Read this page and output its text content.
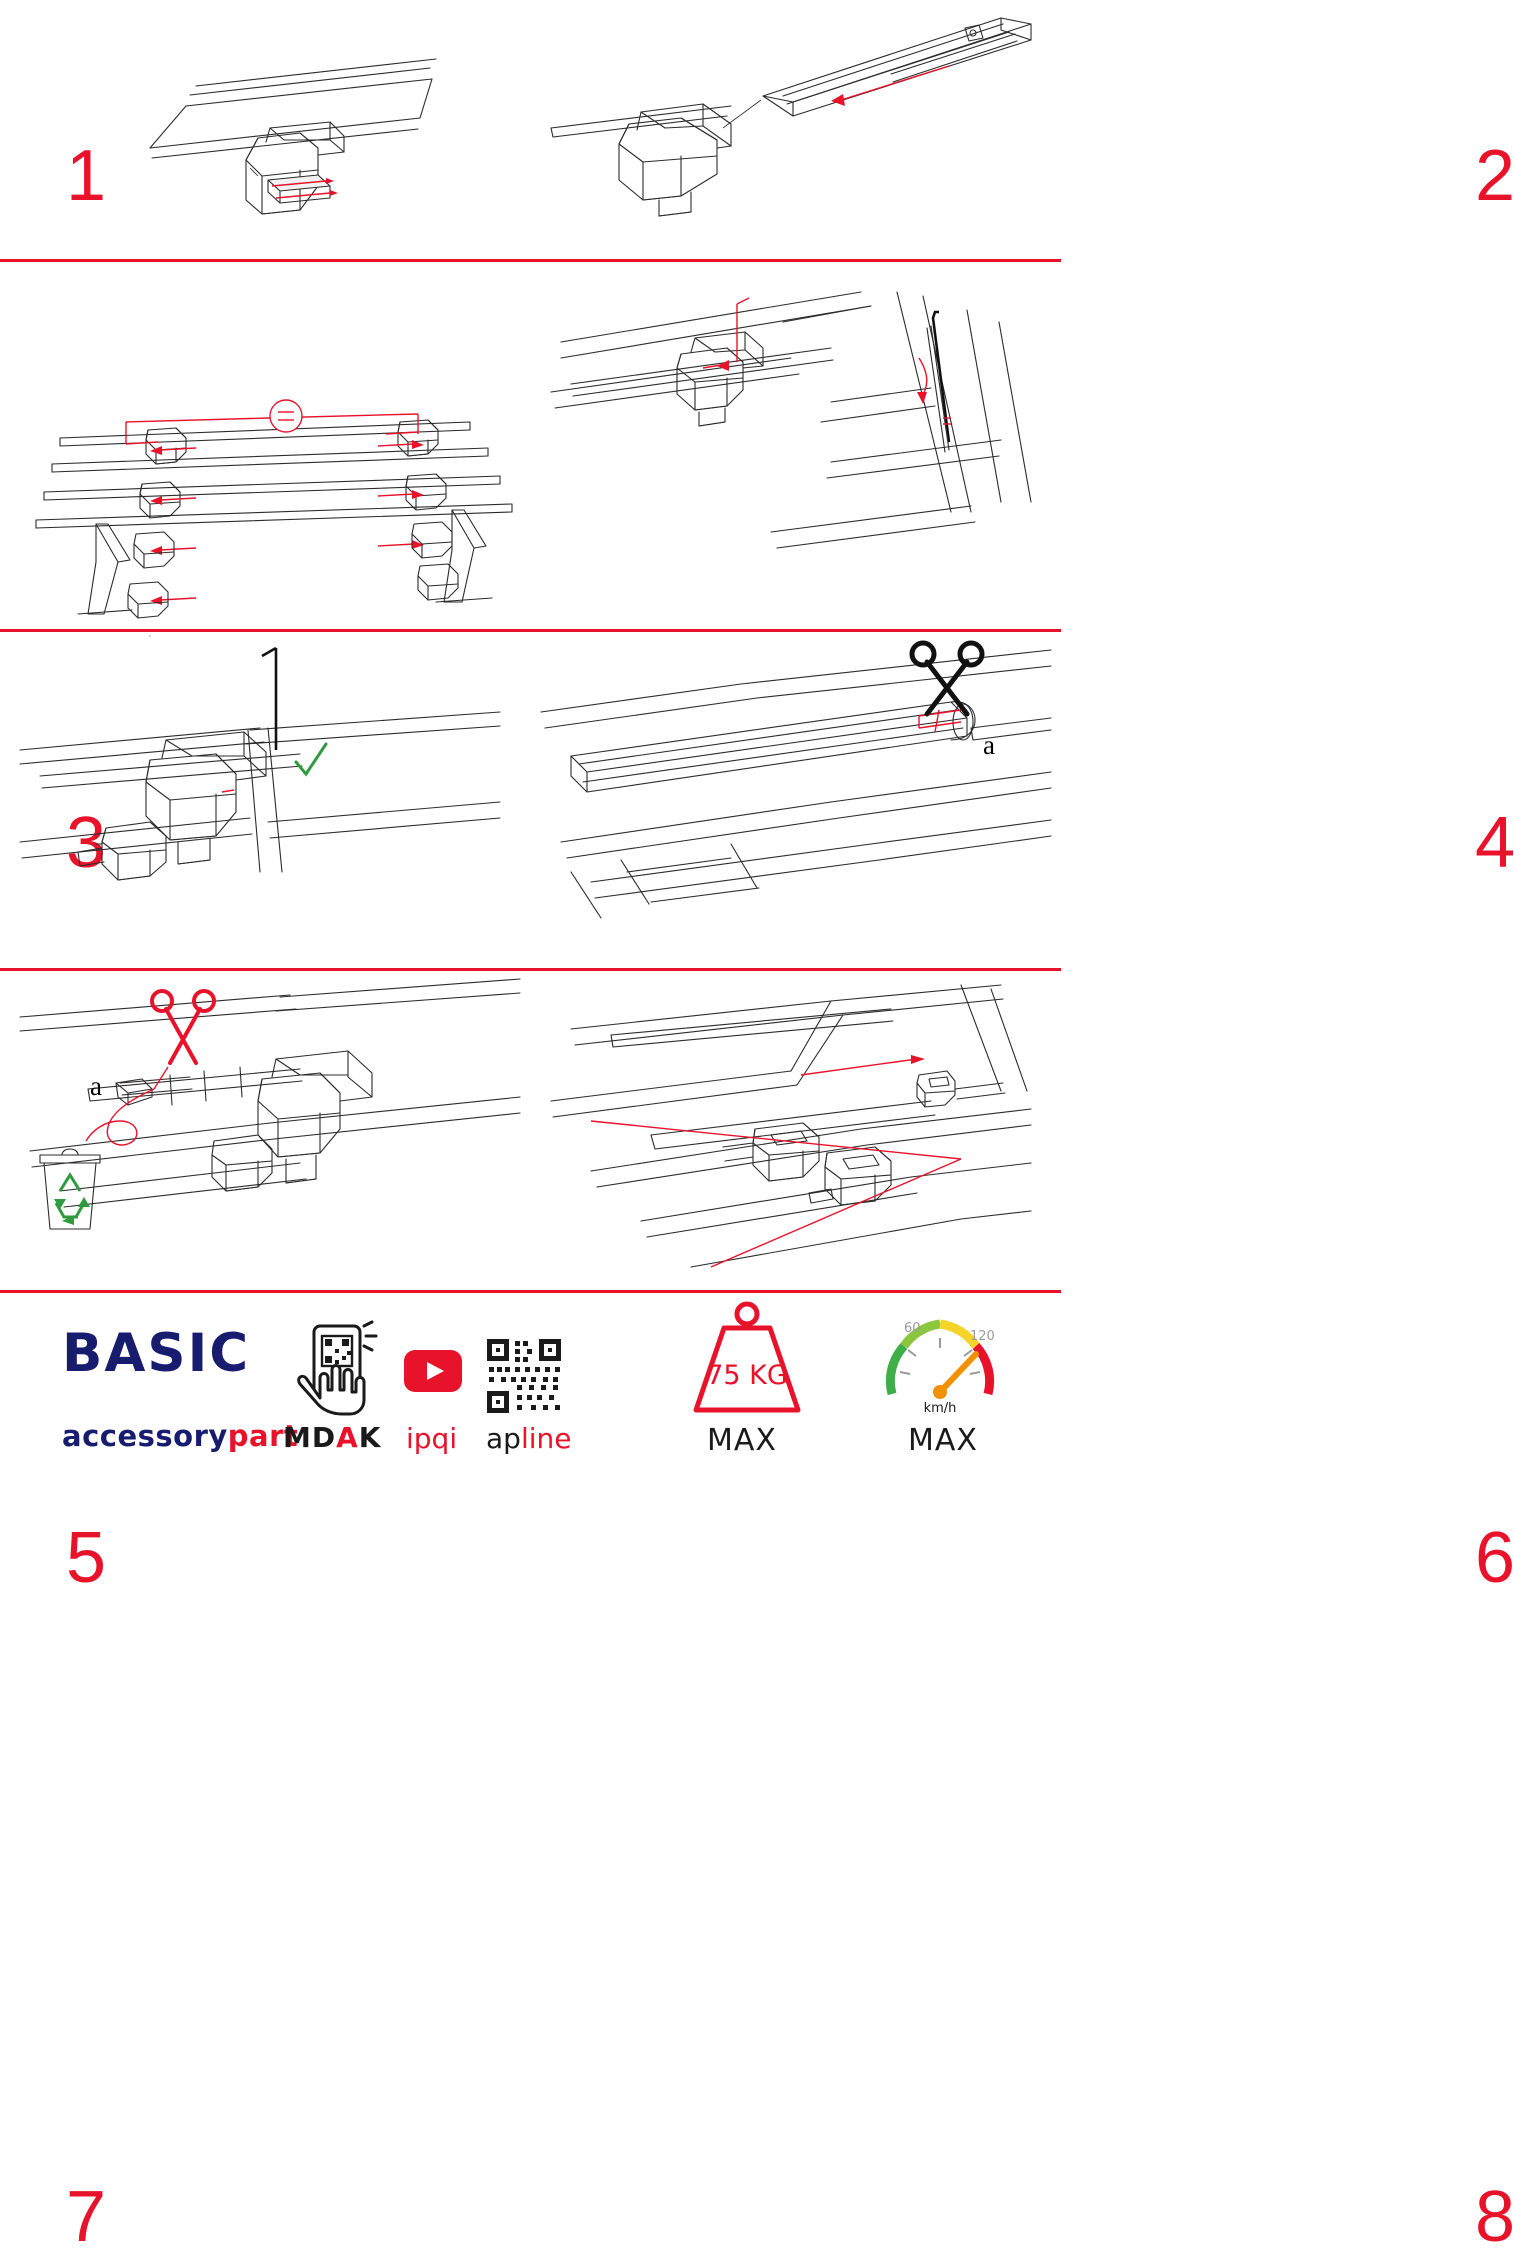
1	2
3	4
5
a
6
a
7	8
BASIC
accessorypart
MDAK ipqi apline
75 KG
MAX
60
120
km/h
MAX
